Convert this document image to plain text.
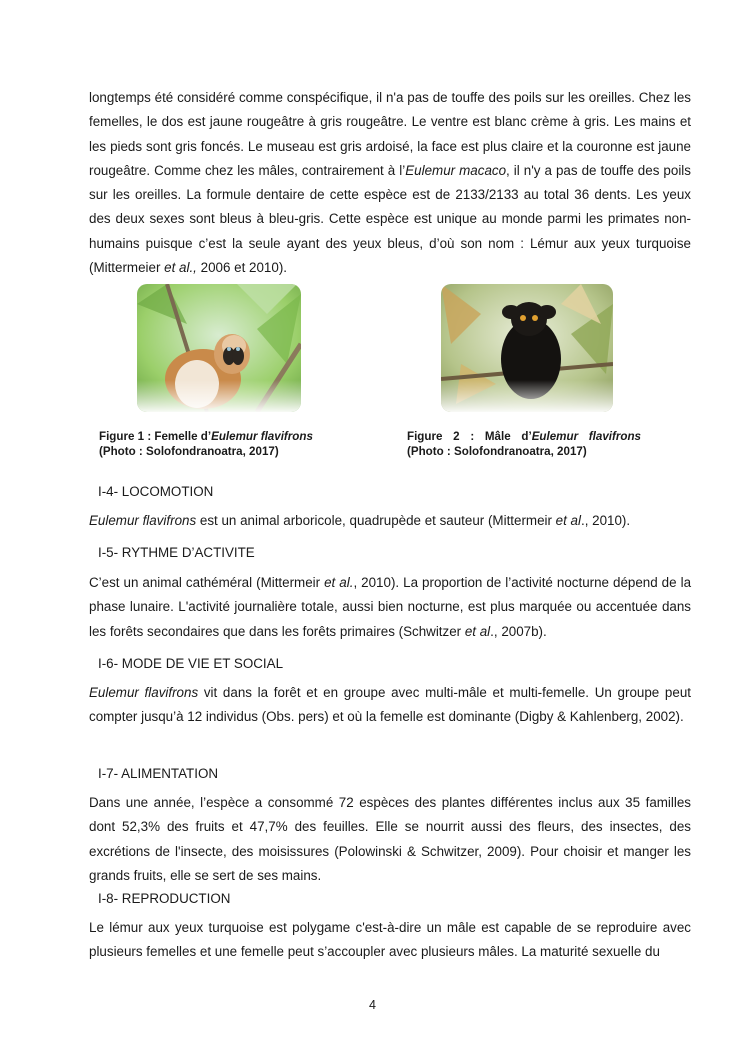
longtemps été considéré comme conspécifique, il n'a pas de touffe des poils sur les oreilles. Chez les femelles, le dos est jaune rougeâtre à gris rougeâtre. Le ventre est blanc crème à gris. Les mains et les pieds sont gris foncés. Le museau est gris ardoisé, la face est plus claire et la couronne est jaune rougeâtre. Comme chez les mâles, contrairement à l’Eulemur macaco, il n'y a pas de touffe des poils sur les oreilles. La formule dentaire de cette espèce est de 2133/2133 au total 36 dents. Les yeux des deux sexes sont bleus à bleu-gris. Cette espèce est unique au monde parmi les primates non-humains puisque c’est la seule ayant des yeux bleus, d’où son nom : Lémur aux yeux turquoise (Mittermeier et al., 2006 et 2010).

Figure 1 : Femelle d’Eulemur flavifrons
(Photo : Solofondranoatra, 2017)

Figure 2 : Mâle d’Eulemur flavifrons
(Photo : Solofondranoatra, 2017)

I-4- LOCOMOTION

Eulemur flavifrons est un animal arboricole, quadrupède et sauteur (Mittermeir et al., 2010).

I-5- RYTHME D’ACTIVITE

C’est un animal cathéméral (Mittermeir et al., 2010). La proportion de l’activité nocturne dépend de la phase lunaire. L'activité journalière totale, aussi bien nocturne, est plus marquée ou accentuée dans les forêts secondaires que dans les forêts primaires (Schwitzer et al., 2007b).

I-6- MODE DE VIE ET SOCIAL

Eulemur flavifrons vit dans la forêt et en groupe avec multi-mâle et multi-femelle. Un groupe peut compter jusqu’à 12 individus (Obs. pers) et où la femelle est dominante (Digby & Kahlenberg, 2002).

I-7- ALIMENTATION

Dans une année, l’espèce a consommé 72 espèces des plantes différentes inclus aux 35 familles dont 52,3% des fruits et 47,7% des feuilles. Elle se nourrit aussi des fleurs, des insectes, des excrétions de l'insecte, des moisissures (Polowinski & Schwitzer, 2009). Pour choisir et manger les grands fruits, elle se sert de ses mains.

I-8- REPRODUCTION

Le lémur aux yeux turquoise est polygame c'est-à-dire un mâle est capable de se reproduire avec plusieurs femelles et une femelle peut s’accoupler avec plusieurs mâles. La maturité sexuelle du

4
